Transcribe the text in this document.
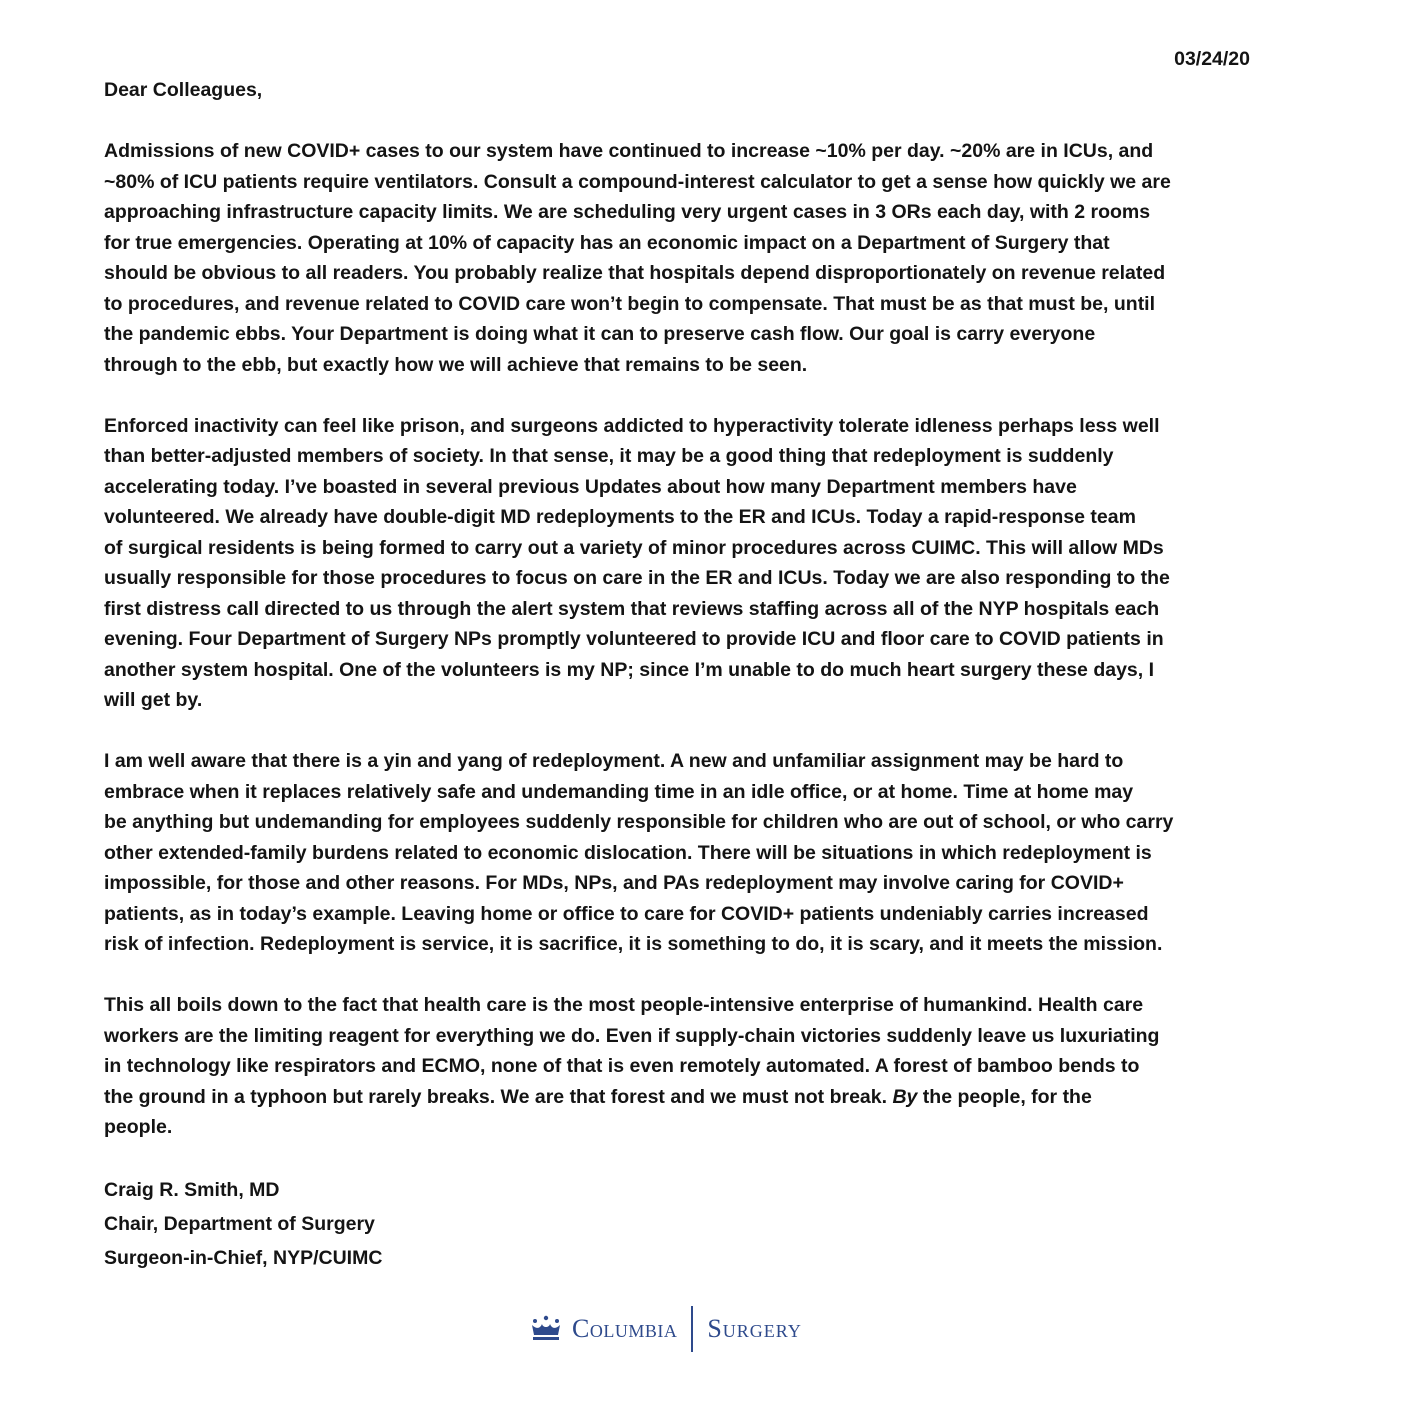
03/24/20
Dear Colleagues,
Admissions of new COVID+ cases to our system have continued to increase ~10% per day. ~20% are in ICUs, and
~80% of ICU patients require ventilators. Consult a compound-interest calculator to get a sense how quickly we are
approaching infrastructure capacity limits. We are scheduling very urgent cases in 3 ORs each day, with 2 rooms
for true emergencies. Operating at 10% of capacity has an economic impact on a Department of Surgery that
should be obvious to all readers. You probably realize that hospitals depend disproportionately on revenue related
to procedures, and revenue related to COVID care won’t begin to compensate. That must be as that must be, until
the pandemic ebbs. Your Department is doing what it can to preserve cash flow. Our goal is carry everyone
through to the ebb, but exactly how we will achieve that remains to be seen.
Enforced inactivity can feel like prison, and surgeons addicted to hyperactivity tolerate idleness perhaps less well
than better-adjusted members of society. In that sense, it may be a good thing that redeployment is suddenly
accelerating today. I’ve boasted in several previous Updates about how many Department members have
volunteered. We already have double-digit MD redeployments to the ER and ICUs. Today a rapid-response team
of surgical residents is being formed to carry out a variety of minor procedures across CUIMC. This will allow MDs
usually responsible for those procedures to focus on care in the ER and ICUs. Today we are also responding to the
first distress call directed to us through the alert system that reviews staffing across all of the NYP hospitals each
evening. Four Department of Surgery NPs promptly volunteered to provide ICU and floor care to COVID patients in
another system hospital. One of the volunteers is my NP; since I’m unable to do much heart surgery these days, I
will get by.
I am well aware that there is a yin and yang of redeployment. A new and unfamiliar assignment may be hard to
embrace when it replaces relatively safe and undemanding time in an idle office, or at home. Time at home may
be anything but undemanding for employees suddenly responsible for children who are out of school, or who carry
other extended-family burdens related to economic dislocation. There will be situations in which redeployment is
impossible, for those and other reasons. For MDs, NPs, and PAs redeployment may involve caring for COVID+
patients, as in today’s example. Leaving home or office to care for COVID+ patients undeniably carries increased
risk of infection. Redeployment is service, it is sacrifice, it is something to do, it is scary, and it meets the mission.
This all boils down to the fact that health care is the most people-intensive enterprise of humankind. Health care
workers are the limiting reagent for everything we do. Even if supply-chain victories suddenly leave us luxuriating
in technology like respirators and ECMO, none of that is even remotely automated. A forest of bamboo bends to
the ground in a typhoon but rarely breaks. We are that forest and we must not break. By the people, for the
people.
Craig R. Smith, MD
Chair, Department of Surgery
Surgeon-in-Chief, NYP/CUIMC
Columbia Surgery
